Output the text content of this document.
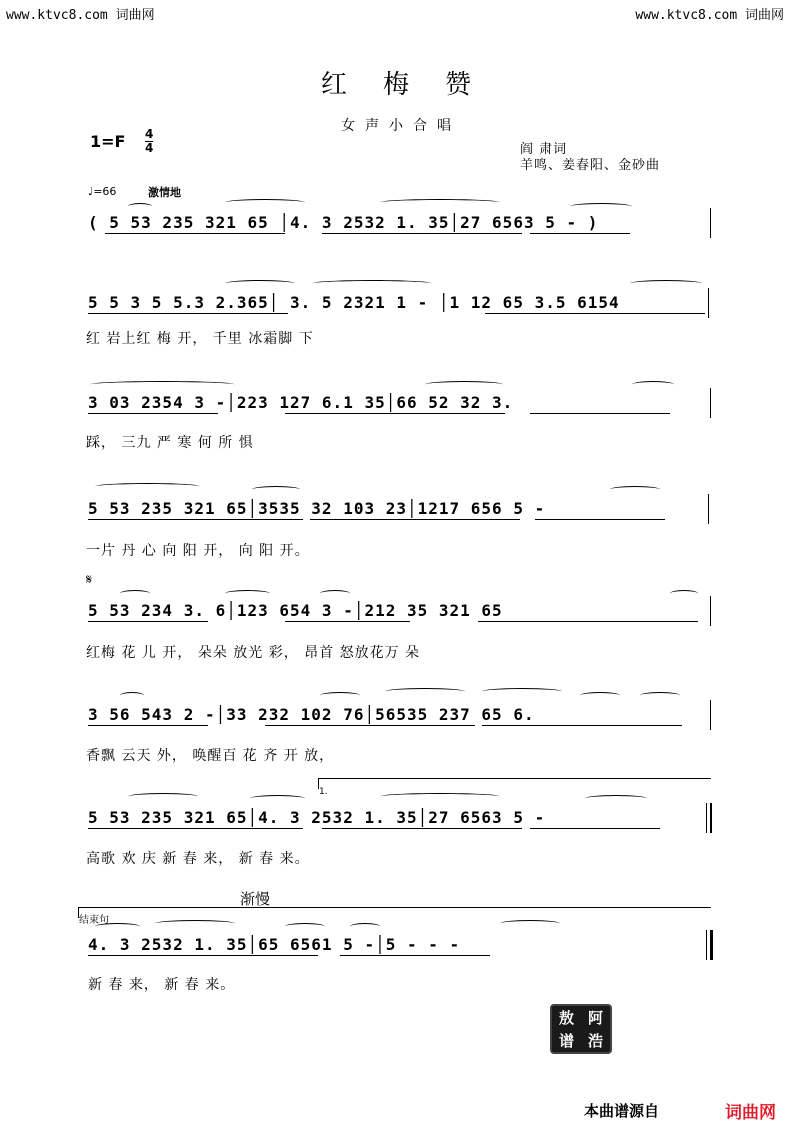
www.ktvc8.com 词曲网	www.ktvc8.com 词曲网
红梅赞
女声小合唱
1=F 4
4	阎 肃词
羊鸣、姜春阳、金砂曲
♩=66	激情地
( 5 53 235 321 65 │4. 3 2532 1. 35│27 6563 5 - )
5 5 3 5 5.3 2.365│ 3. 5 2321 1 - │1 12 65 3.5 6154
红 岩上红 梅 开， 千里 冰霜脚 下
3 03 2354 3 -│223 127 6.1 35│66 52 32 3.
踩， 三九 严 寒 何 所 惧
5 53 235 321 65│3535 32 103 23│1217 656 5 -
一片 丹 心 向 阳 开， 向 阳 开。
𝄋
5 53 234 3. 6│123 654 3 -│212 35 321 65
红梅 花 儿 开， 朵朵 放光 彩， 昂首 怒放花万 朵
3 56 543 2 -│33 232 102 76│56535 237 65 6.
香飘 云天 外， 唤醒百 花 齐 开 放，
1.
5 53 235 321 65│4. 3 2532 1. 35│27 6563 5 -
高歌 欢 庆 新 春 来， 新 春 来。
渐慢
结束句
4. 3 2532 1. 35│65 6561 5 -│5 - - -
新 春 来， 新 春 来。
敖 阿
谱 浩
本曲谱源自	词曲网
